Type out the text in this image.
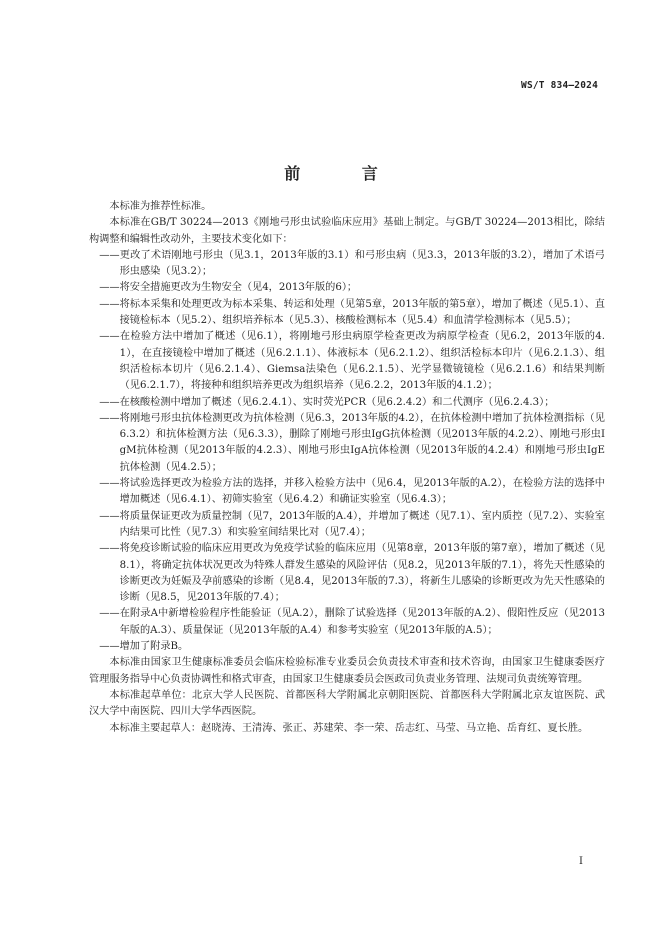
WS/T 834—2024
前 言

本标准为推荐性标准。

本标准在GB/T 30224—2013《刚地弓形虫试验临床应用》基础上制定。与GB/T 30224—2013相比，除结构调整和编辑性改动外，主要技术变化如下：

——更改了术语刚地弓形虫（见3.1，2013年版的3.1）和弓形虫病（见3.3，2013年版的3.2），增加了术语弓形虫感染（见3.2）；

——将安全措施更改为生物安全（见4，2013年版的6）；

——将标本采集和处理更改为标本采集、转运和处理（见第5章，2013年版的第5章），增加了概述（见5.1）、直接镜检标本（见5.2）、组织培养标本（见5.3）、核酸检测标本（见5.4）和血清学检测标本（见5.5）；

——在检验方法中增加了概述（见6.1），将刚地弓形虫病原学检查更改为病原学检查（见6.2，2013年版的4.1），在直接镜检中增加了概述（见6.2.1.1）、体液标本（见6.2.1.2）、组织活检标本印片（见6.2.1.3）、组织活检标本切片（见6.2.1.4）、Giemsa法染色（见6.2.1.5）、光学显微镜镜检（见6.2.1.6）和结果判断（见6.2.1.7），将接种和组织培养更改为组织培养（见6.2.2，2013年版的4.1.2）；

——在核酸检测中增加了概述（见6.2.4.1）、实时荧光PCR（见6.2.4.2）和二代测序（见6.2.4.3）；

——将刚地弓形虫抗体检测更改为抗体检测（见6.3，2013年版的4.2），在抗体检测中增加了抗体检测指标（见6.3.2）和抗体检测方法（见6.3.3），删除了刚地弓形虫IgG抗体检测（见2013年版的4.2.2）、刚地弓形虫IgM抗体检测（见2013年版的4.2.3）、刚地弓形虫IgA抗体检测（见2013年版的4.2.4）和刚地弓形虫IgE抗体检测（见4.2.5）；

——将试验选择更改为检验方法的选择，并移入检验方法中（见6.4，见2013年版的A.2），在检验方法的选择中增加概述（见6.4.1）、初筛实验室（见6.4.2）和确证实验室（见6.4.3）；

——将质量保证更改为质量控制（见7，2013年版的A.4），并增加了概述（见7.1）、室内质控（见7.2）、实验室内结果可比性（见7.3）和实验室间结果比对（见7.4）；

——将免疫诊断试验的临床应用更改为免疫学试验的临床应用（见第8章，2013年版的第7章），增加了概述（见8.1），将确定抗体状况更改为特殊人群发生感染的风险评估（见8.2，见2013年版的7.1），将先天性感染的诊断更改为妊娠及孕前感染的诊断（见8.4，见2013年版的7.3），将新生儿感染的诊断更改为先天性感染的诊断（见8.5，见2013年版的7.4）；

——在附录A中新增检验程序性能验证（见A.2），删除了试验选择（见2013年版的A.2）、假阳性反应（见2013年版的A.3）、质量保证（见2013年版的A.4）和参考实验室（见2013年版的A.5）；

——增加了附录B。

本标准由国家卫生健康标准委员会临床检验标准专业委员会负责技术审查和技术咨询，由国家卫生健康委医疗管理服务指导中心负责协调性和格式审查，由国家卫生健康委员会医政司负责业务管理、法规司负责统筹管理。

本标准起草单位：北京大学人民医院、首都医科大学附属北京朝阳医院、首都医科大学附属北京友谊医院、武汉大学中南医院、四川大学华西医院。

本标准主要起草人：赵晓涛、王清涛、张正、苏建荣、李一荣、岳志红、马莹、马立艳、岳育红、夏长胜。

I
